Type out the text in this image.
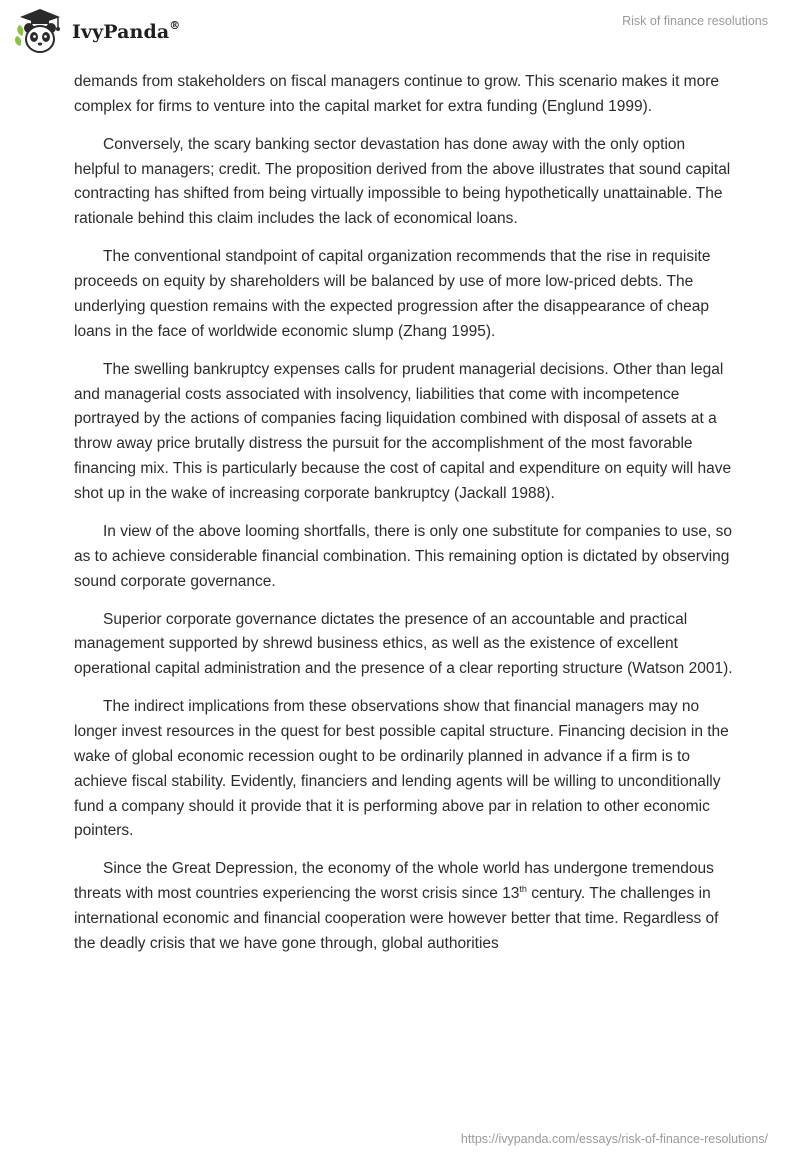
IvyPanda®	Risk of finance resolutions

demands from stakeholders on fiscal managers continue to grow. This scenario makes it more complex for firms to venture into the capital market for extra funding (Englund 1999).

Conversely, the scary banking sector devastation has done away with the only option helpful to managers; credit. The proposition derived from the above illustrates that sound capital contracting has shifted from being virtually impossible to being hypothetically unattainable. The rationale behind this claim includes the lack of economical loans.

The conventional standpoint of capital organization recommends that the rise in requisite proceeds on equity by shareholders will be balanced by use of more low-priced debts. The underlying question remains with the expected progression after the disappearance of cheap loans in the face of worldwide economic slump (Zhang 1995).

The swelling bankruptcy expenses calls for prudent managerial decisions. Other than legal and managerial costs associated with insolvency, liabilities that come with incompetence portrayed by the actions of companies facing liquidation combined with disposal of assets at a throw away price brutally distress the pursuit for the accomplishment of the most favorable financing mix. This is particularly because the cost of capital and expenditure on equity will have shot up in the wake of increasing corporate bankruptcy (Jackall 1988).

In view of the above looming shortfalls, there is only one substitute for companies to use, so as to achieve considerable financial combination. This remaining option is dictated by observing sound corporate governance.

Superior corporate governance dictates the presence of an accountable and practical management supported by shrewd business ethics, as well as the existence of excellent operational capital administration and the presence of a clear reporting structure (Watson 2001).

The indirect implications from these observations show that financial managers may no longer invest resources in the quest for best possible capital structure. Financing decision in the wake of global economic recession ought to be ordinarily planned in advance if a firm is to achieve fiscal stability. Evidently, financiers and lending agents will be willing to unconditionally fund a company should it provide that it is performing above par in relation to other economic pointers.

Since the Great Depression, the economy of the whole world has undergone tremendous threats with most countries experiencing the worst crisis since 13th century. The challenges in international economic and financial cooperation were however better that time. Regardless of the deadly crisis that we have gone through, global authorities

https://ivypanda.com/essays/risk-of-finance-resolutions/
